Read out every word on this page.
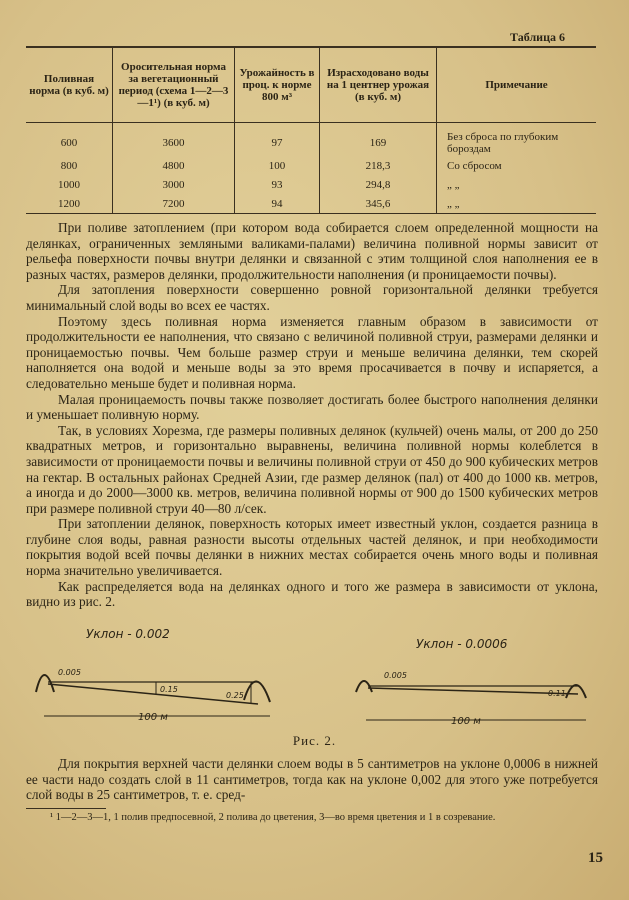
Таблица 6
Поливная норма (в куб. м)	Оросительная норма за вегетационный период (схема 1—2—3—1¹) (в куб. м)	Урожайность в проц. к норме 800 м³	Израсходовано воды на 1 центнер урожая (в куб. м)	Примечание
600	3600	97	169	Без сброса по глубоким бороздам
800	4800	100	218,3	Со сбросом
1000	3000	93	294,8	„ „
1200	7200	94	345,6	„ „

При поливе затоплением (при котором вода собирается слоем определенной мощности на делянках, ограниченных земляными валиками-палами) величина поливной нормы зависит от рельефа поверхности почвы внутри делянки и связанной с этим толщиной слоя наполнения ее в разных частях, размеров делянки, продолжительности наполнения (и проницаемости почвы).

Для затопления поверхности совершенно ровной горизонтальной делянки требуется минимальный слой воды во всех ее частях.

Поэтому здесь поливная норма изменяется главным образом в зависимости от продолжительности ее наполнения, что связано с величиной поливной струи, размерами делянки и проницаемостью почвы. Чем больше размер струи и меньше величина делянки, тем скорей наполняется она водой и меньше воды за это время просачивается в почву и испаряется, а следовательно меньше будет и поливная норма.

Малая проницаемость почвы также позволяет достигать более быстрого наполнения делянки и уменьшает поливную норму.

Так, в условиях Хорезма, где размеры поливных делянок (кульчей) очень малы, от 200 до 250 квадратных метров, и горизонтально выравнены, величина поливной нормы колеблется в зависимости от проницаемости почвы и величины поливной струи от 450 до 900 кубических метров на гектар. В остальных районах Средней Азии, где размер делянок (пал) от 400 до 1000 кв. метров, а иногда и до 2000—3000 кв. метров, величина поливной нормы от 900 до 1500 кубических метров при размере поливной струи 40—80 л/сек.

При затоплении делянок, поверхность которых имеет известный уклон, создается разница в глубине слоя воды, равная разности высоты отдельных частей делянок, и при необходимости покрытия водой всей почвы делянки в нижних местах собирается очень много воды и поливная норма значительно увеличивается.

Как распределяется вода на делянках одного и того же размера в зависимости от уклона, видно из рис. 2.

Уклон - 0.002
0.005
0.15
0.25
100 м
Уклон - 0.0006
0.005
0.11
100 м
Рис. 2.

Для покрытия верхней части делянки слоем воды в 5 сантиметров на уклоне 0,0006 в нижней ее части надо создать слой в 11 сантиметров, тогда как на уклоне 0,002 для этого уже потребуется слой воды в 25 сантиметров, т. е. сред-

¹ 1—2—3—1, 1 полив предпосевной, 2 полива до цветения, 3—во время цветения и 1 в созревание.
15
